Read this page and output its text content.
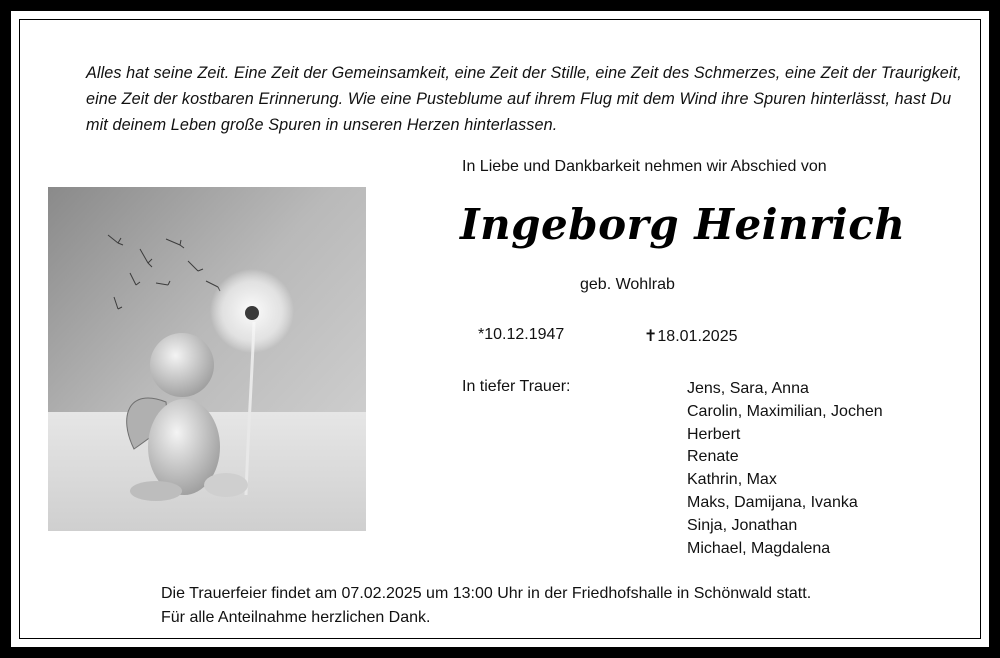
Alles hat seine Zeit. Eine Zeit der Gemeinsamkeit, eine Zeit der Stille, eine Zeit des Schmerzes, eine Zeit der Traurigkeit,
eine Zeit der kostbaren Erinnerung. Wie eine Pusteblume auf ihrem Flug mit dem Wind ihre Spuren hinterlässt, hast Du
mit deinem Leben große Spuren in unseren Herzen hinterlassen.
In Liebe und Dankbarkeit nehmen wir Abschied von
Ingeborg Heinrich
geb. Wohlrab
*10.12.1947	✝18.01.2025
In tiefer Trauer:	Jens, Sara, Anna
Carolin, Maximilian, Jochen
Herbert
Renate
Kathrin, Max
Maks, Damijana, Ivanka
Sinja, Jonathan
Michael, Magdalena
Die Trauerfeier findet am 07.02.2025 um 13:00 Uhr in der Friedhofshalle in Schönwald statt.
Für alle Anteilnahme herzlichen Dank.
